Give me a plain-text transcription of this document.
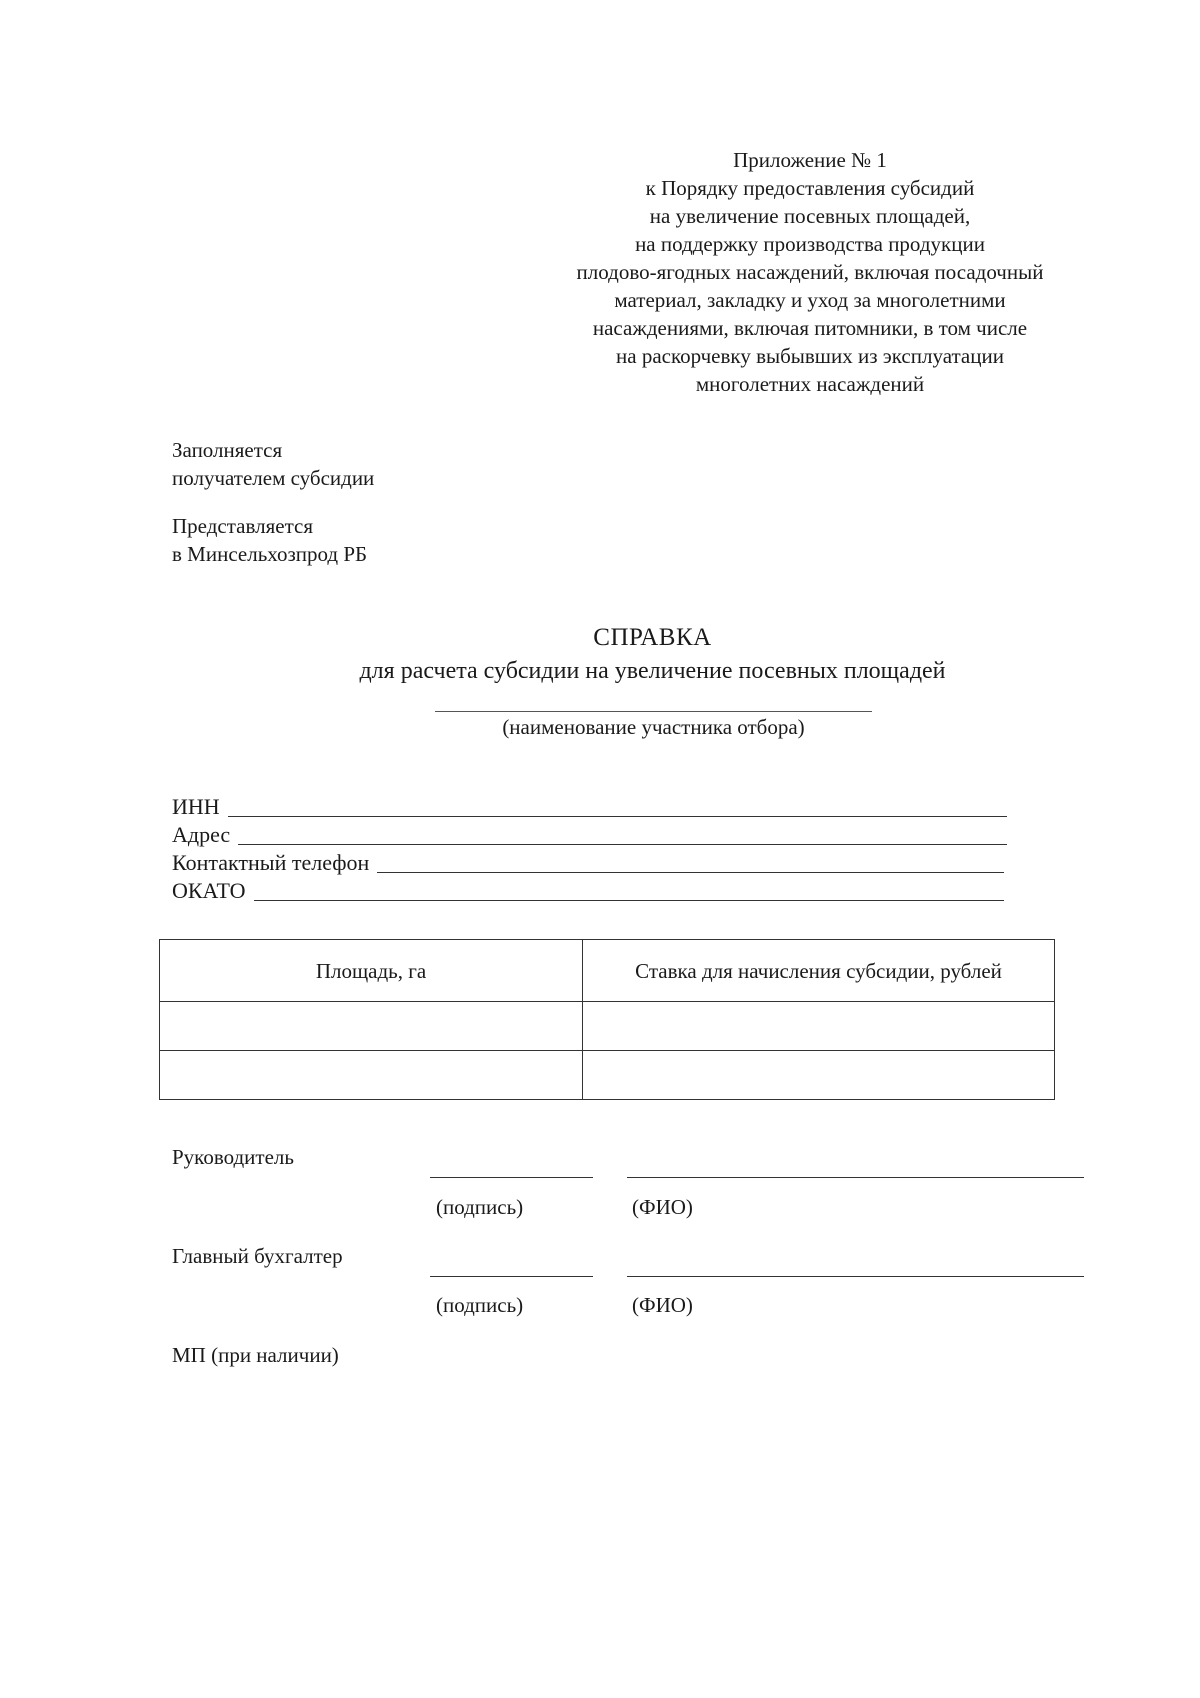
Приложение № 1
к Порядку предоставления субсидий
на увеличение посевных площадей,
на поддержку производства продукции
плодово-ягодных насаждений, включая посадочный
материал, закладку и уход за многолетними
насаждениями, включая питомники, в том числе
на раскорчевку выбывших из эксплуатации
многолетних насаждений
Заполняется
получателем субсидии
Представляется
в Минсельхозпрод РБ
СПРАВКА
для расчета субсидии на увеличение посевных площадей
(наименование участника отбора)
ИНН
Адрес
Контактный телефон
ОКАТО
Площадь, га	Ставка для начисления субсидии, рублей

Руководитель
(подпись)	(ФИО)
Главный бухгалтер
(подпись)	(ФИО)
МП (при наличии)
